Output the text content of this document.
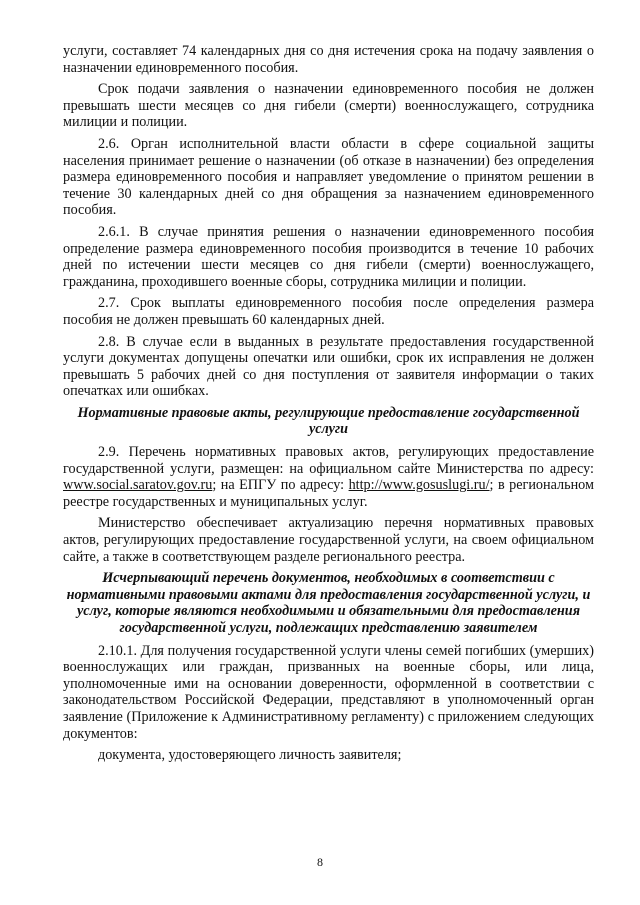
услуги, составляет 74 календарных дня со дня истечения срока на подачу заявления о назначении единовременного пособия.

Срок подачи заявления о назначении единовременного пособия не должен превышать шести месяцев со дня гибели (смерти) военнослужащего, сотрудника милиции и полиции.

2.6. Орган исполнительной власти области в сфере социальной защиты населения принимает решение о назначении (об отказе в назначении) без определения размера единовременного пособия и направляет уведомление о принятом решении в течение 30 календарных дней со дня обращения за назначением единовременного пособия.

2.6.1. В случае принятия решения о назначении единовременного пособия определение размера единовременного пособия производится в течение 10 рабочих дней по истечении шести месяцев со дня гибели (смерти) военнослужащего, гражданина, проходившего военные сборы, сотрудника милиции и полиции.

2.7. Срок выплаты единовременного пособия после определения размера пособия не должен превышать 60 календарных дней.

2.8. В случае если в выданных в результате предоставления государственной услуги документах допущены опечатки или ошибки, срок их исправления не должен превышать 5 рабочих дней со дня поступления от заявителя информации о таких опечатках или ошибках.

Нормативные правовые акты, регулирующие предоставление государственной услуги

2.9. Перечень нормативных правовых актов, регулирующих предоставление государственной услуги, размещен: на официальном сайте Министерства по адресу: www.social.saratov.gov.ru; на ЕПГУ по адресу: http://www.gosuslugi.ru/; в региональном реестре государственных и муниципальных услуг.

Министерство обеспечивает актуализацию перечня нормативных правовых актов, регулирующих предоставление государственной услуги, на своем официальном сайте, а также в соответствующем разделе регионального реестра.

Исчерпывающий перечень документов, необходимых в соответствии с нормативными правовыми актами для предоставления государственной услуги, и услуг, которые являются необходимыми и обязательными для предоставления государственной услуги, подлежащих представлению заявителем

2.10.1. Для получения государственной услуги члены семей погибших (умерших) военнослужащих или граждан, призванных на военные сборы, или лица, уполномоченные ими на основании доверенности, оформленной в соответствии с законодательством Российской Федерации, представляют в уполномоченный орган заявление (Приложение к Административному регламенту) с приложением следующих документов:

документа, удостоверяющего личность заявителя;

8
